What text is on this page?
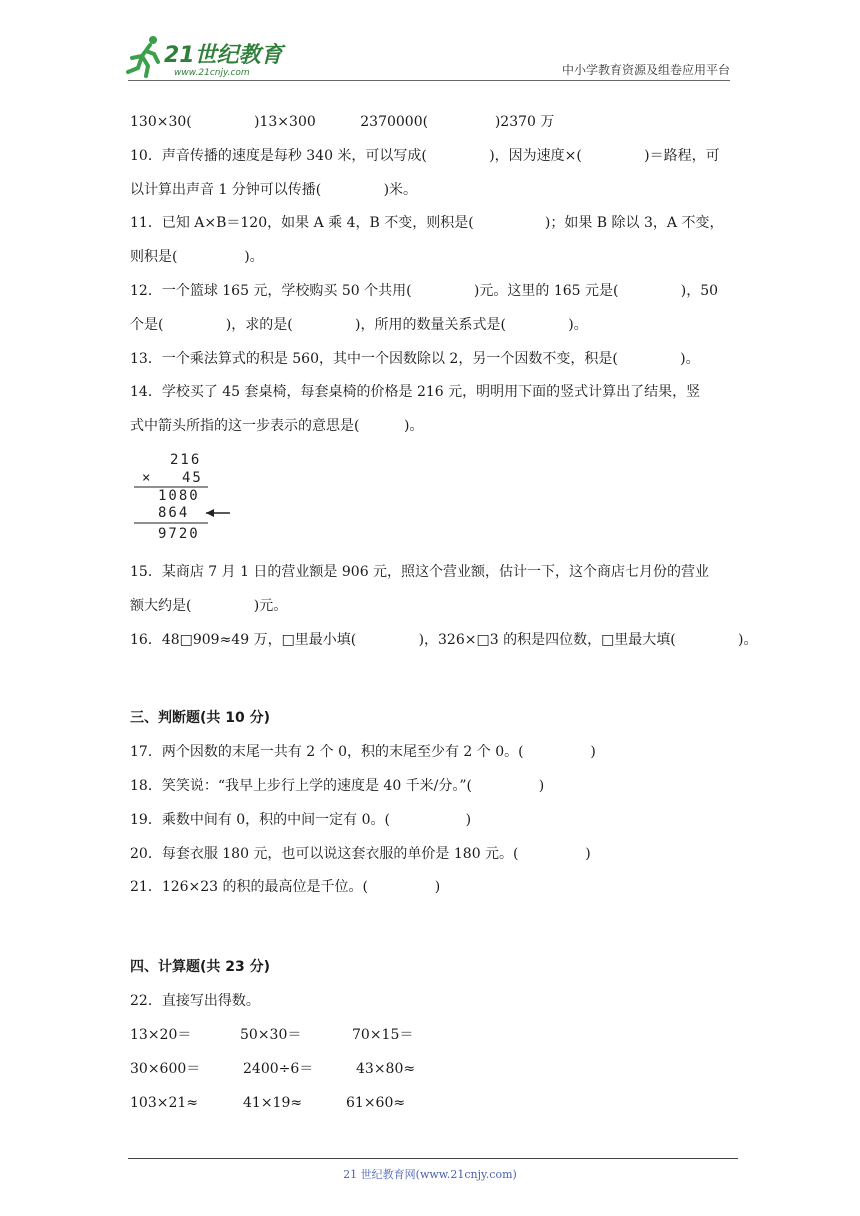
21世纪教育
www.21cnjy.com	中小学教育资源及组卷应用平台
130×30(              )13×300          2370000(               )2370 万
10．声音传播的速度是每秒 340 米，可以写成(              )，因为速度×(              )＝路程，可
以计算出声音 1 分钟可以传播(              )米。
11．已知 A×B＝120，如果 A 乘 4，B 不变，则积是(                )；如果 B 除以 3，A 不变，
则积是(               )。
12．一个篮球 165 元，学校购买 50 个共用(              )元。这里的 165 元是(              )，50
个是(              )，求的是(              )，所用的数量关系式是(              )。
13．一个乘法算式的积是 560，其中一个因数除以 2，另一个因数不变，积是(              )。
14．学校买了 45 套桌椅，每套桌椅的价格是 216 元，明明用下面的竖式计算出了结果，竖
式中箭头所指的这一步表示的意思是(          )。
216
× 45
1080
864
9720
15．某商店 7 月 1 日的营业额是 906 元，照这个营业额，估计一下，这个商店七月份的营业
额大约是(              )元。
16．48□909≈49 万，□里最小填(              )，326×□3 的积是四位数，□里最大填(              )。
三、判断题(共 10 分)
17．两个因数的末尾一共有 2 个 0，积的末尾至少有 2 个 0。(               )
18．笑笑说：“我早上步行上学的速度是 40 千米/分。”(               )
19．乘数中间有 0，积的中间一定有 0。(                 )
20．每套衣服 180 元，也可以说这套衣服的单价是 180 元。(               )
21．126×23 的积的最高位是千位。(               )
四、计算题(共 23 分)
22．直接写出得数。
13×20＝	50×30＝	70×15＝
30×600＝	2400÷6＝	43×80≈
103×21≈	41×19≈	61×60≈
21 世纪教育网(www.21cnjy.com)
